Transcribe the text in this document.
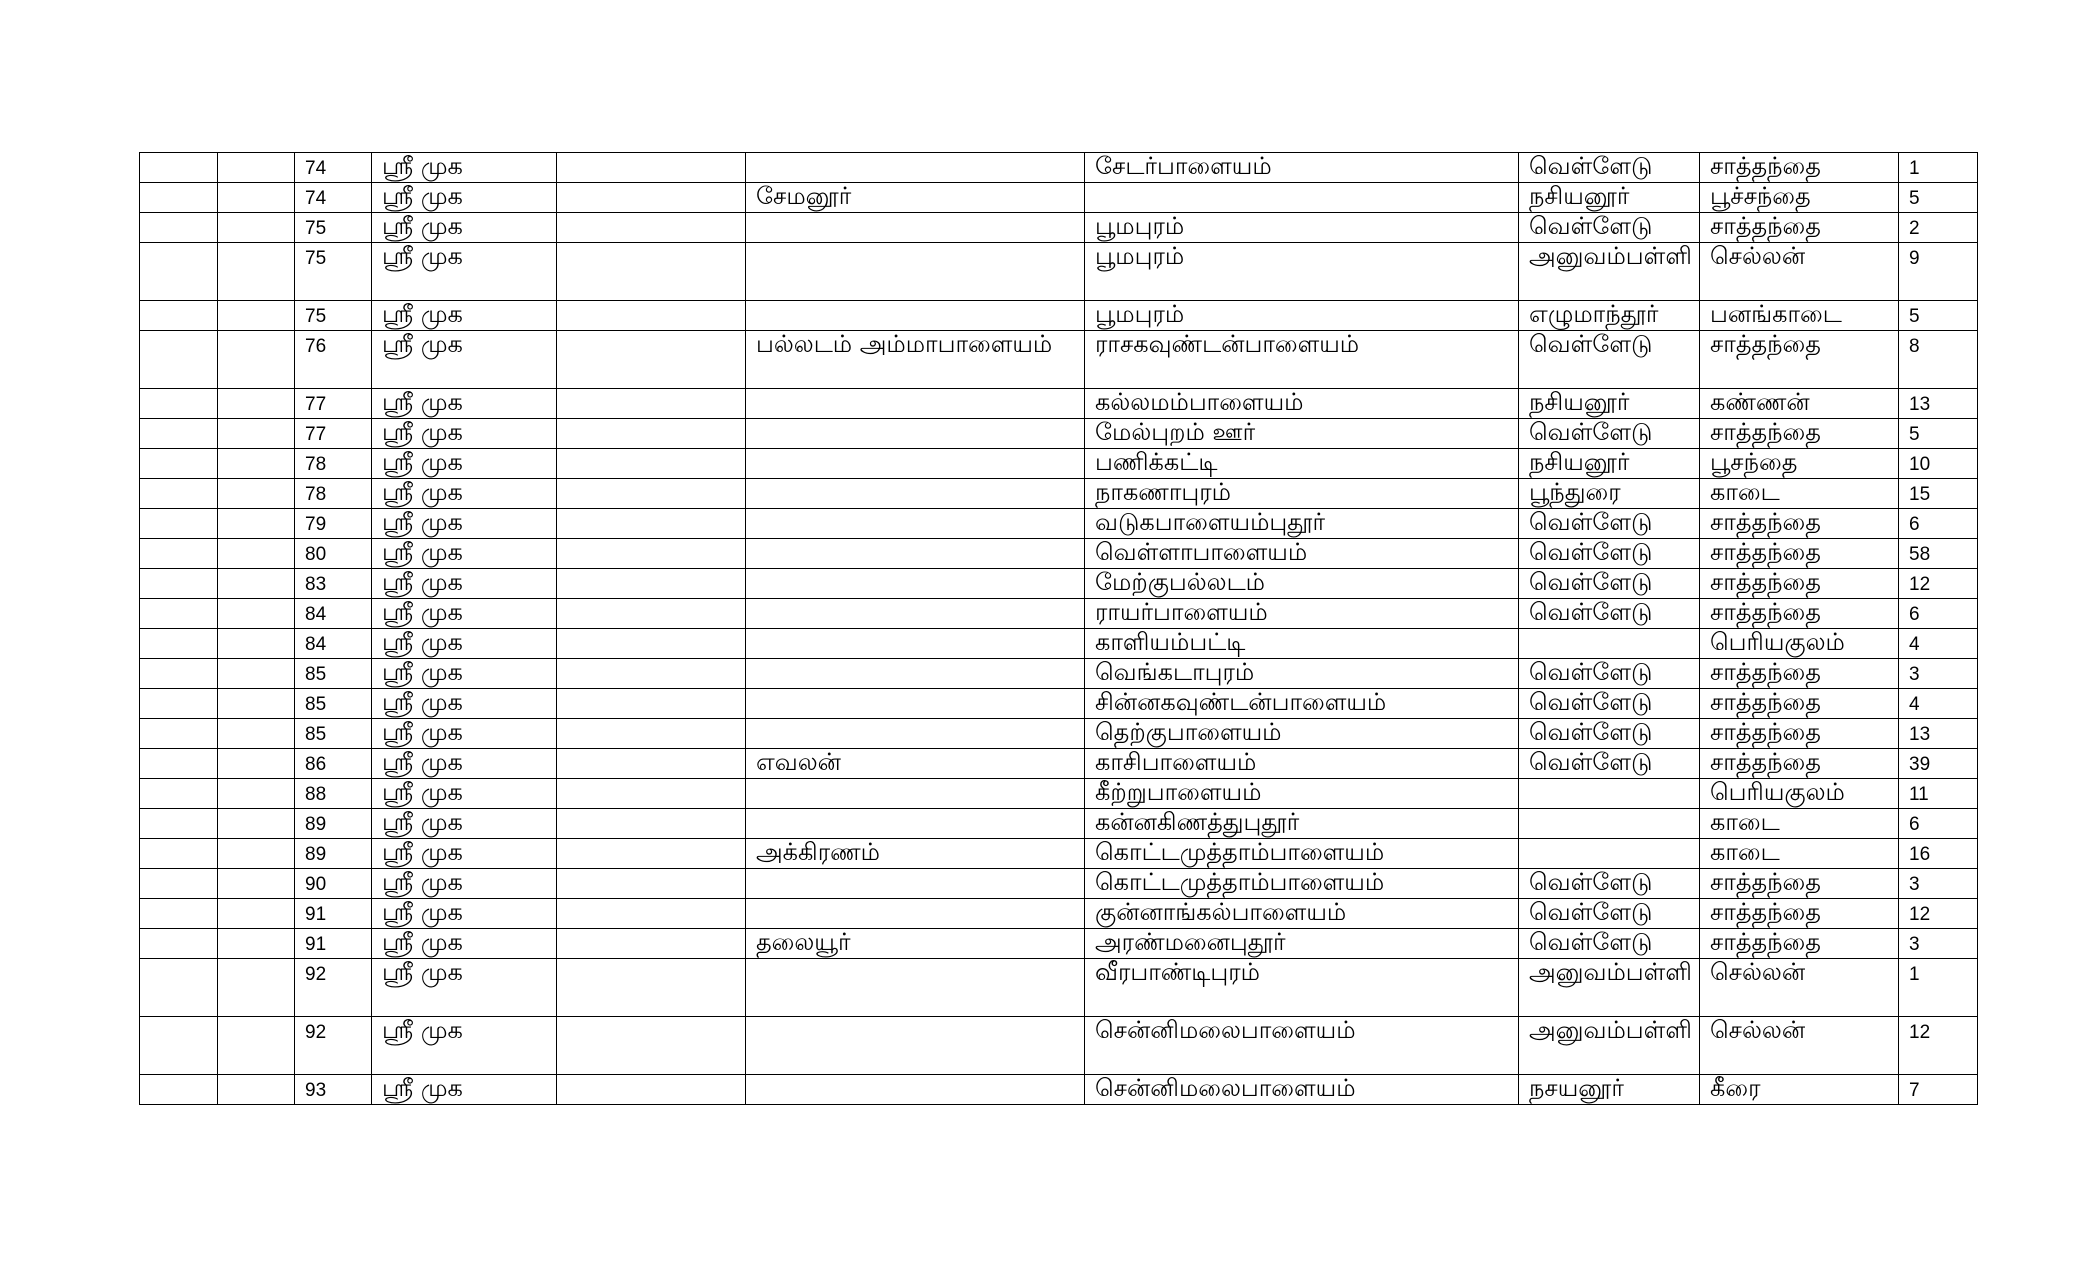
		74	ஸ்ரீ முக			சேடர்பாளையம்	வெள்ளேடு	சாத்தந்தை	1
		74	ஸ்ரீ முக		சேமனூர்		நசியனூர்	பூச்சந்தை	5
		75	ஸ்ரீ முக			பூமபுரம்	வெள்ளேடு	சாத்தந்தை	2
		75	ஸ்ரீ முக			பூமபுரம்	அனுவம்பள்ளி	செல்லன்	9
		75	ஸ்ரீ முக			பூமபுரம்	எழுமாந்தூர்	பனங்காடை	5
		76	ஸ்ரீ முக		பல்லடம் அம்மாபாளையம்	ராசகவுண்டன்பாளையம்	வெள்ளேடு	சாத்தந்தை	8
		77	ஸ்ரீ முக			கல்லமம்பாளையம்	நசியனூர்	கண்ணன்	13
		77	ஸ்ரீ முக			மேல்புறம் ஊர்	வெள்ளேடு	சாத்தந்தை	5
		78	ஸ்ரீ முக			பணிக்கட்டி	நசியனூர்	பூசந்தை	10
		78	ஸ்ரீ முக			நாகணாபுரம்	பூந்துரை	காடை	15
		79	ஸ்ரீ முக			வடுகபாளையம்புதூர்	வெள்ளேடு	சாத்தந்தை	6
		80	ஸ்ரீ முக			வெள்ளாபாளையம்	வெள்ளேடு	சாத்தந்தை	58
		83	ஸ்ரீ முக			மேற்குபல்லடம்	வெள்ளேடு	சாத்தந்தை	12
		84	ஸ்ரீ முக			ராயர்பாளையம்	வெள்ளேடு	சாத்தந்தை	6
		84	ஸ்ரீ முக			காளியம்பட்டி		பெரியகுலம்	4
		85	ஸ்ரீ முக			வெங்கடாபுரம்	வெள்ளேடு	சாத்தந்தை	3
		85	ஸ்ரீ முக			சின்னகவுண்டன்பாளையம்	வெள்ளேடு	சாத்தந்தை	4
		85	ஸ்ரீ முக			தெற்குபாளையம்	வெள்ளேடு	சாத்தந்தை	13
		86	ஸ்ரீ முக		எவலன்	காசிபாளையம்	வெள்ளேடு	சாத்தந்தை	39
		88	ஸ்ரீ முக			கீற்றுபாளையம்		பெரியகுலம்	11
		89	ஸ்ரீ முக			கன்னகிணத்துபுதூர்		காடை	6
		89	ஸ்ரீ முக		அக்கிரணம்	கொட்டமுத்தாம்பாளையம்		காடை	16
		90	ஸ்ரீ முக			கொட்டமுத்தாம்பாளையம்	வெள்ளேடு	சாத்தந்தை	3
		91	ஸ்ரீ முக			குன்னாங்கல்பாளையம்	வெள்ளேடு	சாத்தந்தை	12
		91	ஸ்ரீ முக		தலையூர்	அரண்மனைபுதூர்	வெள்ளேடு	சாத்தந்தை	3
		92	ஸ்ரீ முக			வீரபாண்டிபுரம்	அனுவம்பள்ளி	செல்லன்	1
		92	ஸ்ரீ முக			சென்னிமலைபாளையம்	அனுவம்பள்ளி	செல்லன்	12
		93	ஸ்ரீ முக			சென்னிமலைபாளையம்	நசயனூர்	கீரை	7
